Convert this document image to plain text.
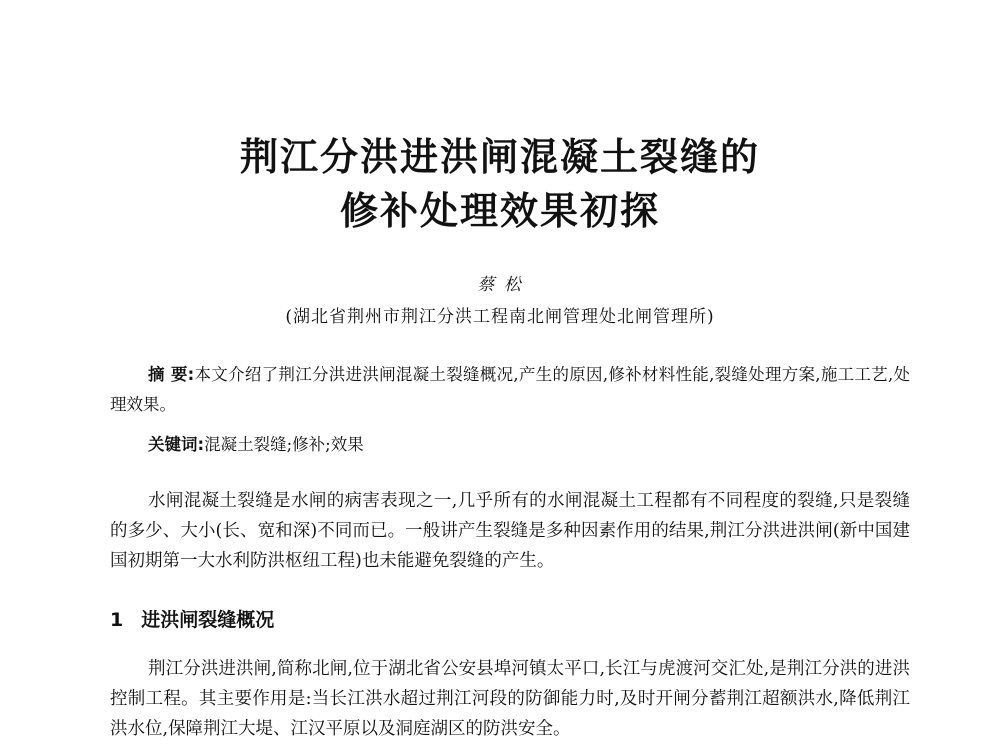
荆江分洪进洪闸混凝土裂缝的
修补处理效果初探
蔡 松
(湖北省荆州市荆江分洪工程南北闸管理处北闸管理所)

摘 要:本文介绍了荆江分洪进洪闸混凝土裂缝概况,产生的原因,修补材料性能,裂缝处理方案,施工工艺,处理效果。

关键词:混凝土裂缝;修补;效果

水闸混凝土裂缝是水闸的病害表现之一,几乎所有的水闸混凝土工程都有不同程度的裂缝,只是裂缝的多少、大小(长、宽和深)不同而已。一般讲产生裂缝是多种因素作用的结果,荆江分洪进洪闸(新中国建国初期第一大水利防洪枢纽工程)也未能避免裂缝的产生。

1 进洪闸裂缝概况

荆江分洪进洪闸,简称北闸,位于湖北省公安县埠河镇太平口,长江与虎渡河交汇处,是荆江分洪的进洪控制工程。其主要作用是:当长江洪水超过荆江河段的防御能力时,及时开闸分蓄荆江超额洪水,降低荆江洪水位,保障荆江大堤、江汉平原以及洞庭湖区的防洪安全。
